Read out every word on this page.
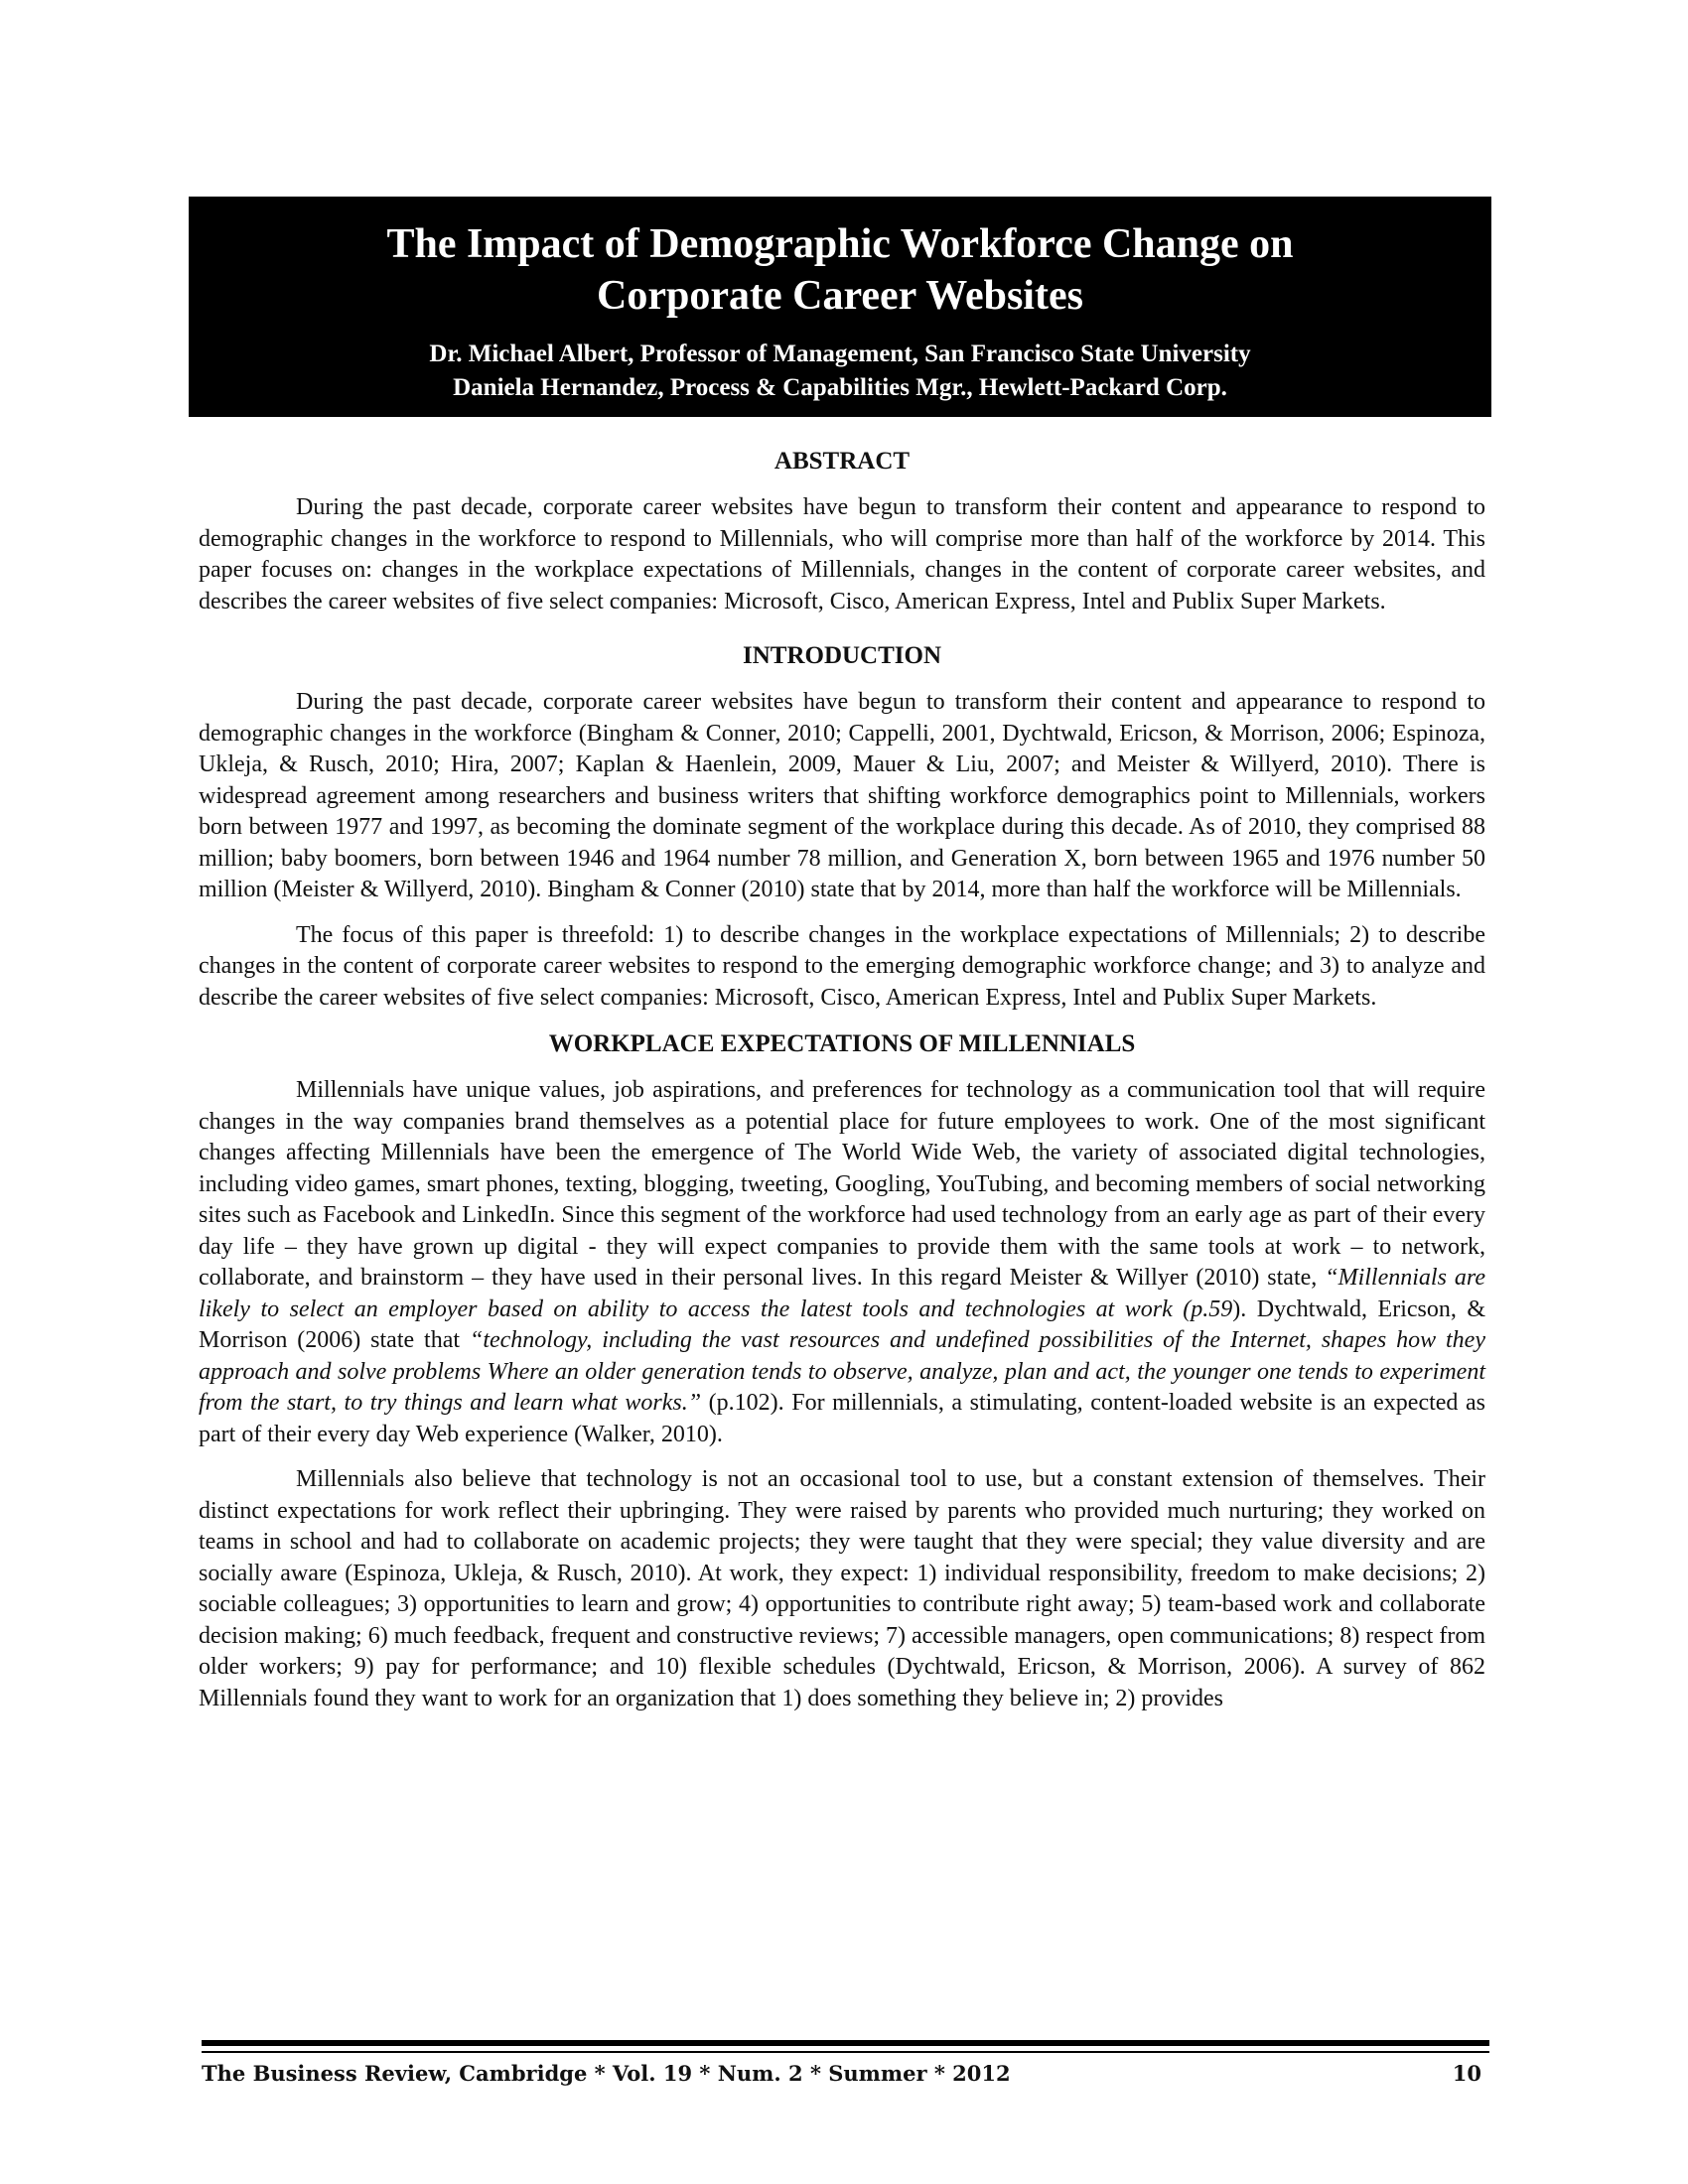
The Impact of Demographic Workforce Change on
Corporate Career Websites
Dr. Michael Albert, Professor of Management, San Francisco State University
Daniela Hernandez, Process & Capabilities Mgr., Hewlett-Packard Corp.
ABSTRACT

During the past decade, corporate career websites have begun to transform their content and appearance to respond to demographic changes in the workforce to respond to Millennials, who will comprise more than half of the workforce by 2014. This paper focuses on: changes in the workplace expectations of Millennials, changes in the content of corporate career websites, and describes the career websites of five select companies: Microsoft, Cisco, American Express, Intel and Publix Super Markets.

INTRODUCTION

During the past decade, corporate career websites have begun to transform their content and appearance to respond to demographic changes in the workforce (Bingham & Conner, 2010; Cappelli, 2001, Dychtwald, Ericson, & Morrison, 2006; Espinoza, Ukleja, & Rusch, 2010; Hira, 2007; Kaplan & Haenlein, 2009, Mauer & Liu, 2007; and Meister & Willyerd, 2010). There is widespread agreement among researchers and business writers that shifting workforce demographics point to Millennials, workers born between 1977 and 1997, as becoming the dominate segment of the workplace during this decade. As of 2010, they comprised 88 million; baby boomers, born between 1946 and 1964 number 78 million, and Generation X, born between 1965 and 1976 number 50 million (Meister & Willyerd, 2010). Bingham & Conner (2010) state that by 2014, more than half the workforce will be Millennials.

The focus of this paper is threefold: 1) to describe changes in the workplace expectations of Millennials; 2) to describe changes in the content of corporate career websites to respond to the emerging demographic workforce change; and 3) to analyze and describe the career websites of five select companies: Microsoft, Cisco, American Express, Intel and Publix Super Markets.

WORKPLACE EXPECTATIONS OF MILLENNIALS

Millennials have unique values, job aspirations, and preferences for technology as a communication tool that will require changes in the way companies brand themselves as a potential place for future employees to work. One of the most significant changes affecting Millennials have been the emergence of The World Wide Web, the variety of associated digital technologies, including video games, smart phones, texting, blogging, tweeting, Googling, YouTubing, and becoming members of social networking sites such as Facebook and LinkedIn. Since this segment of the workforce had used technology from an early age as part of their every day life – they have grown up digital - they will expect companies to provide them with the same tools at work – to network, collaborate, and brainstorm – they have used in their personal lives. In this regard Meister & Willyer (2010) state, “Millennials are likely to select an employer based on ability to access the latest tools and technologies at work (p.59). Dychtwald, Ericson, & Morrison (2006) state that “technology, including the vast resources and undefined possibilities of the Internet, shapes how they approach and solve problems Where an older generation tends to observe, analyze, plan and act, the younger one tends to experiment from the start, to try things and learn what works.” (p.102). For millennials, a stimulating, content-loaded website is an expected as part of their every day Web experience (Walker, 2010).

Millennials also believe that technology is not an occasional tool to use, but a constant extension of themselves. Their distinct expectations for work reflect their upbringing. They were raised by parents who provided much nurturing; they worked on teams in school and had to collaborate on academic projects; they were taught that they were special; they value diversity and are socially aware (Espinoza, Ukleja, & Rusch, 2010). At work, they expect: 1) individual responsibility, freedom to make decisions; 2) sociable colleagues; 3) opportunities to learn and grow; 4) opportunities to contribute right away; 5) team-based work and collaborate decision making; 6) much feedback, frequent and constructive reviews; 7) accessible managers, open communications; 8) respect from older workers; 9) pay for performance; and 10) flexible schedules (Dychtwald, Ericson, & Morrison, 2006). A survey of 862 Millennials found they want to work for an organization that 1) does something they believe in; 2) provides

The Business Review, Cambridge * Vol. 19 * Num. 2 * Summer * 2012	10
